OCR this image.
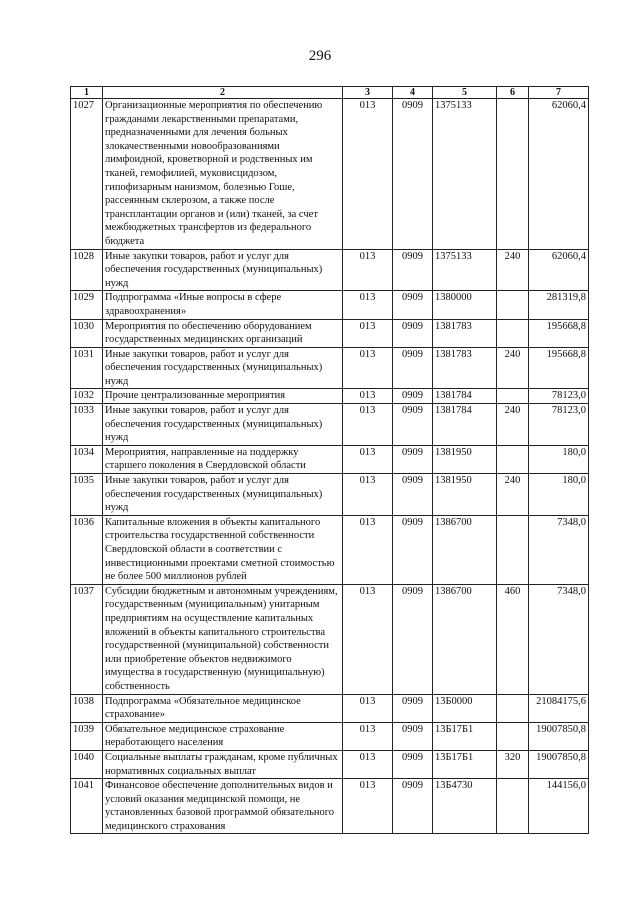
296
1	2	3	4	5	6	7
1027	Организационные мероприятия по обеспечению гражданами лекарственными препаратами, предназначенными для лечения больных злокачественными новообразованиями лимфоидной, кроветворной и родственных им тканей, гемофилией, муковисцидозом, гипофизарным нанизмом, болезнью Гоше, рассеянным склерозом, а также после трансплантации органов и (или) тканей, за счет межбюджетных трансфертов из федерального бюджета	013	0909	1375133		62060,4
1028	Иные закупки товаров, работ и услуг для обеспечения государственных (муниципальных) нужд	013	0909	1375133	240	62060,4
1029	Подпрограмма «Иные вопросы в сфере здравоохранения»	013	0909	1380000		281319,8
1030	Мероприятия по обеспечению оборудованием государственных медицинских организаций	013	0909	1381783		195668,8
1031	Иные закупки товаров, работ и услуг для обеспечения государственных (муниципальных) нужд	013	0909	1381783	240	195668,8
1032	Прочие централизованные мероприятия	013	0909	1381784		78123,0
1033	Иные закупки товаров, работ и услуг для обеспечения государственных (муниципальных) нужд	013	0909	1381784	240	78123,0
1034	Мероприятия, направленные на поддержку старшего поколения в Свердловской области	013	0909	1381950		180,0
1035	Иные закупки товаров, работ и услуг для обеспечения государственных (муниципальных) нужд	013	0909	1381950	240	180,0
1036	Капитальные вложения в объекты капитального строительства государственной собственности Свердловской области в соответствии с инвестиционными проектами сметной стоимостью не более 500 миллионов рублей	013	0909	1386700		7348,0
1037	Субсидии бюджетным и автономным учреждениям, государственным (муниципальным) унитарным предприятиям на осуществление капитальных вложений в объекты капитального строительства государственной (муниципальной) собственности или приобретение объектов недвижимого имущества в государственную (муниципальную) собственность	013	0909	1386700	460	7348,0
1038	Подпрограмма «Обязательное медицинское страхование»	013	0909	13Б0000		21084175,6
1039	Обязательное медицинское страхование неработающего населения	013	0909	13Б17Б1		19007850,8
1040	Социальные выплаты гражданам, кроме публичных нормативных социальных выплат	013	0909	13Б17Б1	320	19007850,8
1041	Финансовое обеспечение дополнительных видов и условий оказания медицинской помощи, не установленных базовой программой обязательного медицинского страхования	013	0909	13Б4730		144156,0
